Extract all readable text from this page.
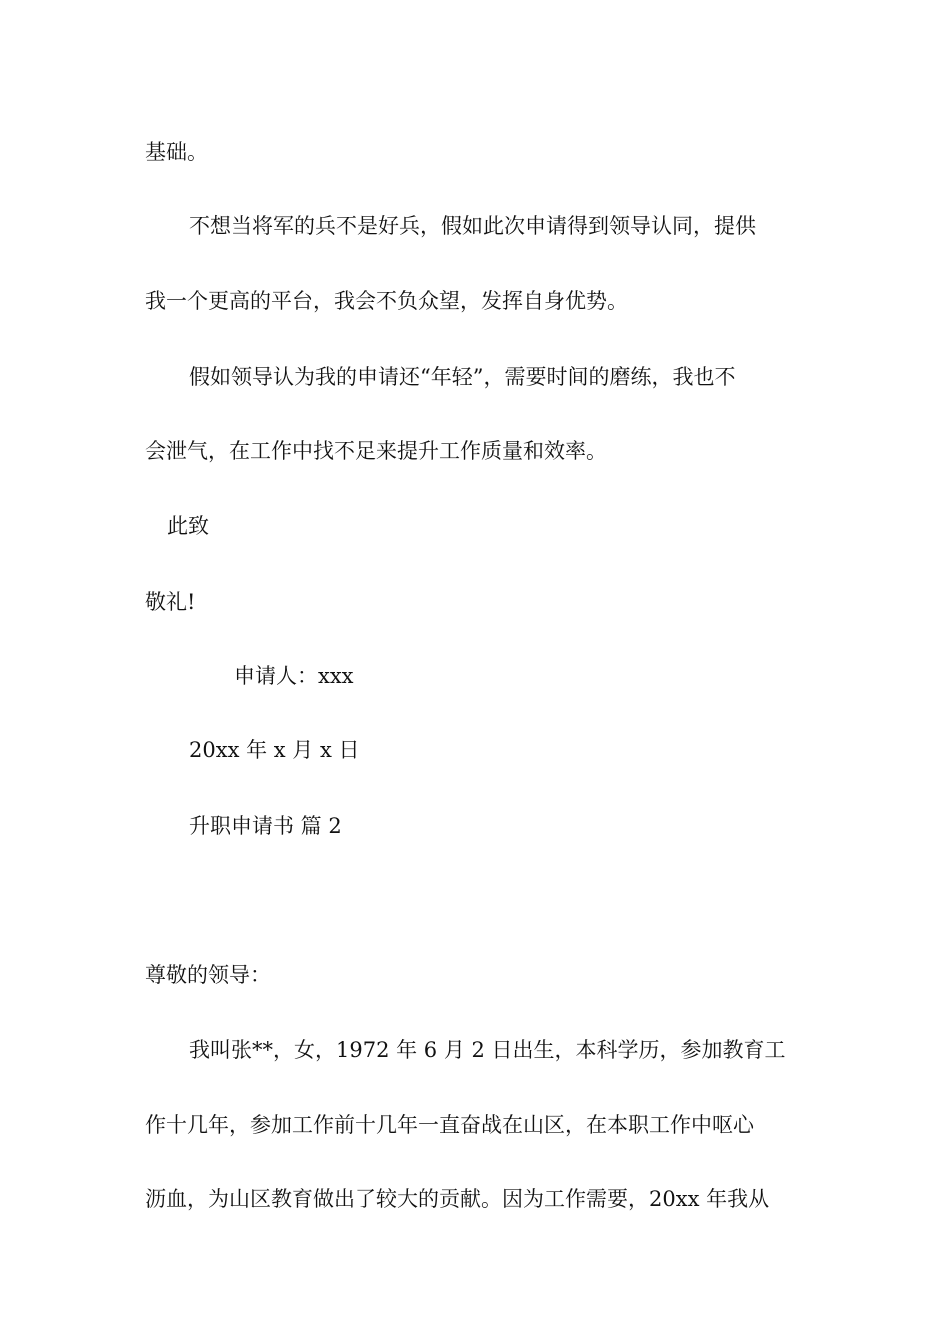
基础。

不想当将军的兵不是好兵，假如此次申请得到领导认同，提供

我一个更高的平台，我会不负众望，发挥自身优势。

假如领导认为我的申请还“年轻”，需要时间的磨练，我也不

会泄气，在工作中找不足来提升工作质量和效率。

此致

敬礼!

申请人：xxx

20xx 年 x 月 x 日

升职申请书 篇 2

尊敬的领导：

我叫张**，女，1972 年 6 月 2 日出生，本科学历，参加教育工

作十几年，参加工作前十几年一直奋战在山区，在本职工作中呕心

沥血，为山区教育做出了较大的贡献。因为工作需要，20xx 年我从
